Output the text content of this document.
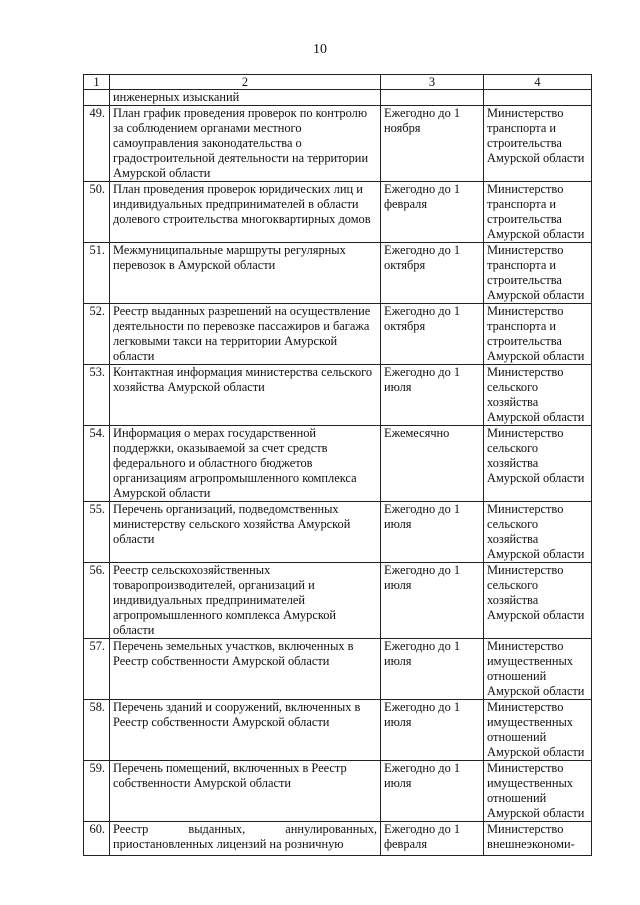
10
1	2	3	4
	инженерных изысканий		
49.	План график проведения проверок по контролю за соблюдением органами местного самоуправления законодательства о градостроительной деятельности на территории Амурской области	Ежегодно до 1 ноября	Министерство транспорта и строительства Амурской области
50.	План проведения проверок юридических лиц и индивидуальных предпринимателей в области долевого строительства многоквартирных домов	Ежегодно до 1 февраля	Министерство транспорта и строительства Амурской области
51.	Межмуниципальные маршруты регулярных перевозок в Амурской области	Ежегодно до 1 октября	Министерство транспорта и строительства Амурской области
52.	Реестр выданных разрешений на осуществление деятельности по перевозке пассажиров и багажа легковыми такси на территории Амурской области	Ежегодно до 1 октября	Министерство транспорта и строительства Амурской области
53.	Контактная информация министерства сельского хозяйства Амурской области	Ежегодно до 1 июля	Министерство сельского хозяйства Амурской области
54.	Информация о мерах государственной поддержки, оказываемой за счет средств федерального и областного бюджетов организациям агропромышленного комплекса Амурской области	Ежемесячно	Министерство сельского хозяйства Амурской области
55.	Перечень организаций, подведомственных министерству сельского хозяйства Амурской области	Ежегодно до 1 июля	Министерство сельского хозяйства Амурской области
56.	Реестр сельскохозяйственных товаропроизводителей, организаций и индивидуальных предпринимателей агропромышленного комплекса Амурской области	Ежегодно до 1 июля	Министерство сельского хозяйства Амурской области
57.	Перечень земельных участков, включенных в Реестр собственности Амурской области	Ежегодно до 1 июля	Министерство имущественных отношений Амурской области
58.	Перечень зданий и сооружений, включенных в Реестр собственности Амурской области	Ежегодно до 1 июля	Министерство имущественных отношений Амурской области
59.	Перечень помещений, включенных в Реестр собственности Амурской области	Ежегодно до 1 июля	Министерство имущественных отношений Амурской области
60.	Реестр выданных, аннулированных, приостановленных лицензий на розничную	Ежегодно до 1 февраля	Министерство внешнеэкономи-
